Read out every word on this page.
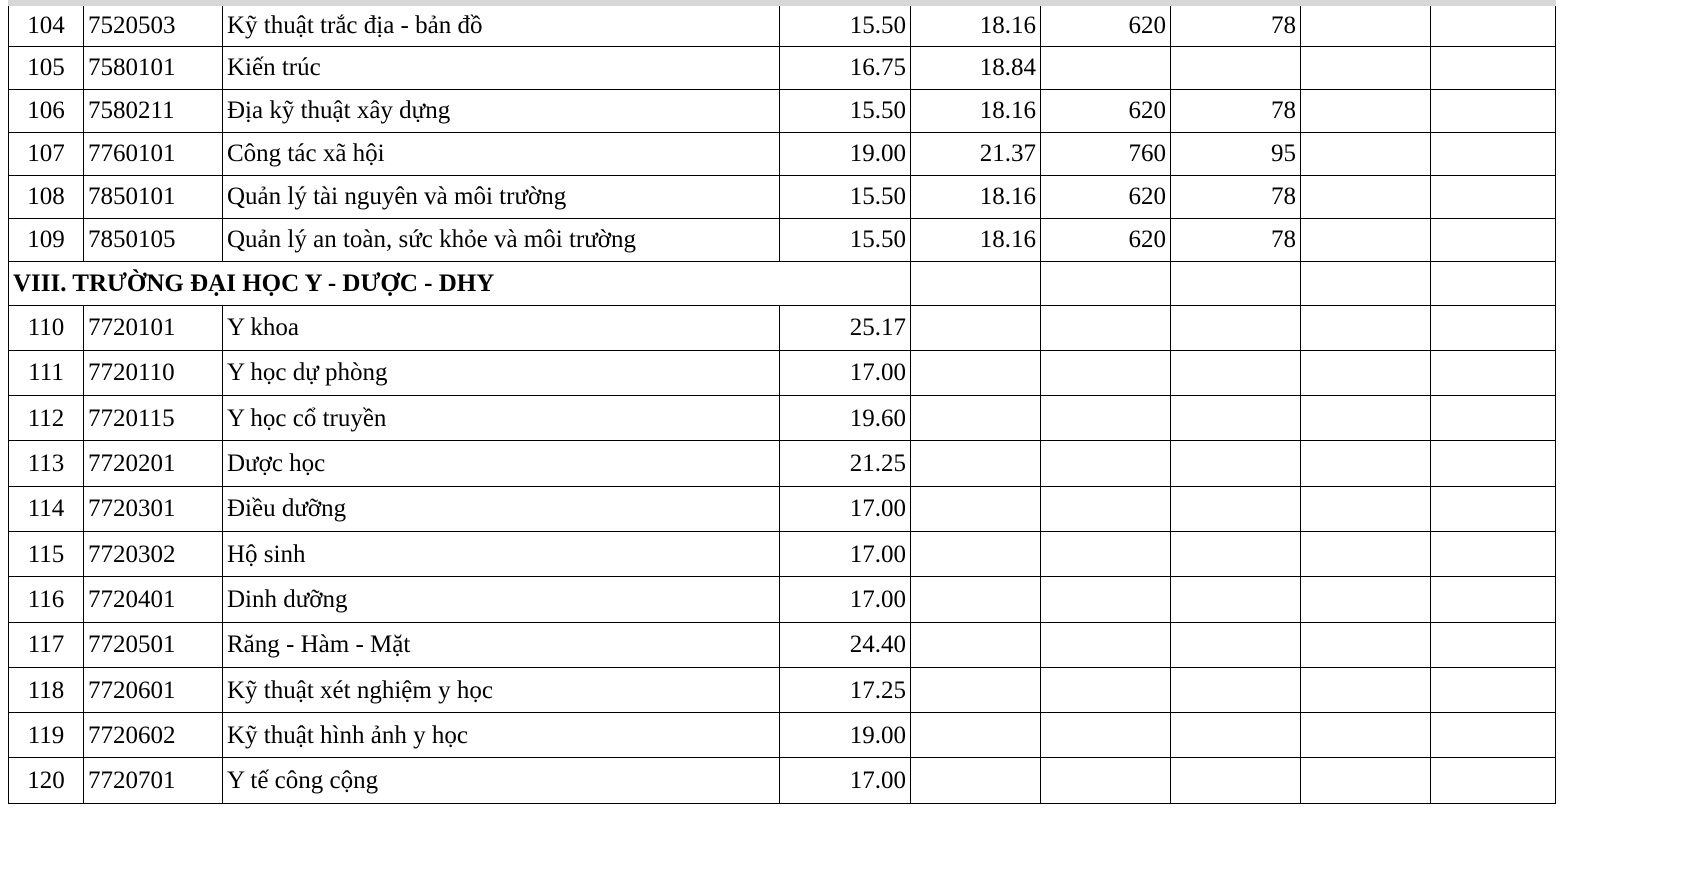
104	7520503	Kỹ thuật trắc địa - bản đồ	15.50	18.16	620	78		
105	7580101	Kiến trúc	16.75	18.84				
106	7580211	Địa kỹ thuật xây dựng	15.50	18.16	620	78		
107	7760101	Công tác xã hội	19.00	21.37	760	95		
108	7850101	Quản lý tài nguyên và môi trường	15.50	18.16	620	78		
109	7850105	Quản lý an toàn, sức khỏe và môi trường	15.50	18.16	620	78		
VIII. TRƯỜNG ĐẠI HỌC Y - DƯỢC - DHY								
110	7720101	Y khoa	25.17					
111	7720110	Y học dự phòng	17.00					
112	7720115	Y học cổ truyền	19.60					
113	7720201	Dược học	21.25					
114	7720301	Điều dưỡng	17.00					
115	7720302	Hộ sinh	17.00					
116	7720401	Dinh dưỡng	17.00					
117	7720501	Răng - Hàm - Mặt	24.40					
118	7720601	Kỹ thuật xét nghiệm y học	17.25					
119	7720602	Kỹ thuật hình ảnh y học	19.00					
120	7720701	Y tế công cộng	17.00					
